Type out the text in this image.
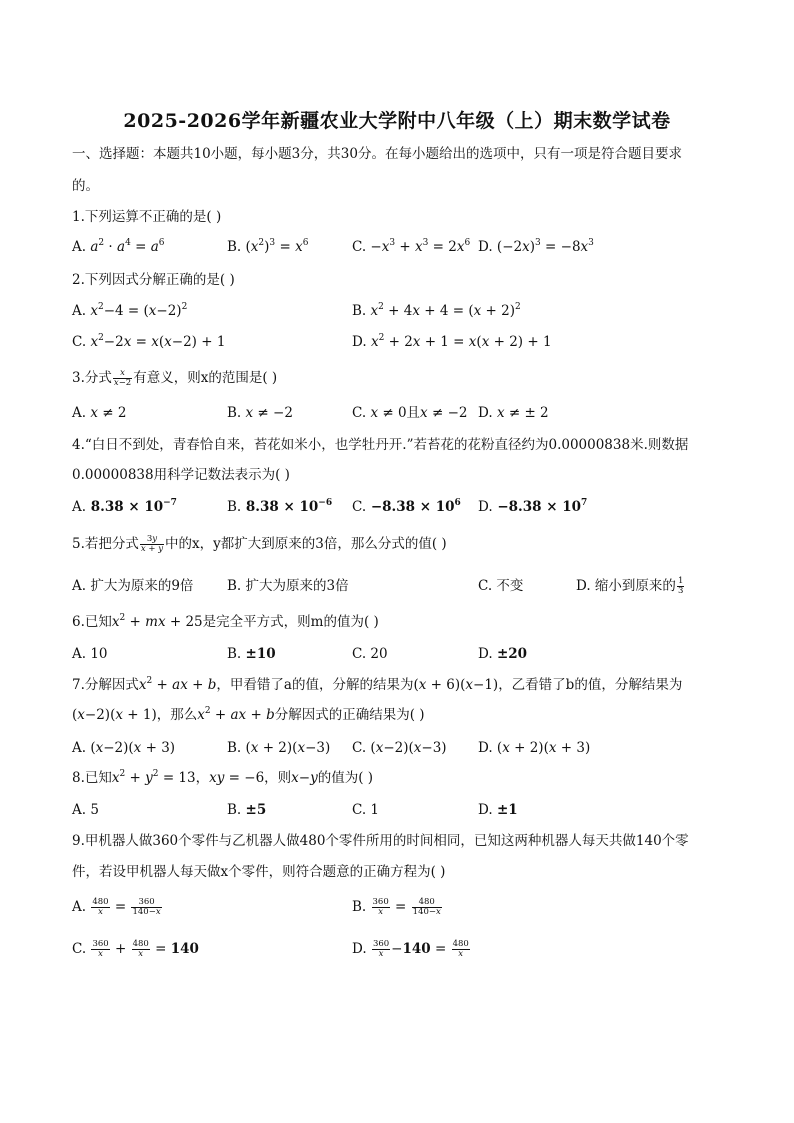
2025-2026学年新疆农业大学附中八年级（上）期末数学试卷
一、选择题：本题共10小题，每小题3分，共30分。在每小题给出的选项中，只有一项是符合题目要求
的。
1.下列运算不正确的是( )
A. $a^2 \cdot a^4 = a^6$	B. $(x^2)^3 = x^6$	C. $-x^3 + x^3 = 2x^6$ D. $(-2x)^3 = -8x^3$
2.下列因式分解正确的是( )
A. $x^2-4 = (x-2)^2$	B. $x^2 + 4x + 4 = (x + 2)^2$
C. $x^2-2x = x(x-2) + 1$	D. $x^2 + 2x + 1 = x(x + 2) + 1$
3.分式 $\frac{x}{x-2}$ 有意义，则x的范围是( )
A. x ≠ 2	B. x ≠ −2	C. x ≠ 0且x ≠ −2 D. x ≠ ± 2
4.“白日不到处，青春恰自来，苔花如米小，也学牡丹开.”若苔花的花粉直径约为0.00000838米.则数据
0.00000838用科学记数法表示为( )
A. $8.38 \times 10^{-7}$	B. $8.38 \times 10^{-6}$ C. $-8.38 \times 10^6$ D. $-8.38 \times 10^7$
5.若把分式 $\frac{3y}{x + y}$ 中的x，y都扩大到原来的3倍，那么分式的值( )
A. 扩大为原来的9倍 B. 扩大为原来的3倍	C. 不变	D. 缩小到原来的 $\frac{1}{3}$
6.已知$x^2$ + mx + 25是完全平方式，则m的值为( )
A. 10	B. ±10	C. 20	D. ±20
7.分解因式$x^2$ + ax + b，甲看错了a的值，分解的结果为(x + 6)(x−1)，乙看错了b的值，分解结果为
(x−2)(x + 1)，那么$x^2$ + ax + b分解因式的正确结果为( )
A. (x−2)(x + 3)	B. (x + 2)(x−3) C. (x−2)(x−3) D. (x + 2)(x + 3)
8.已知$x^2 + y^2 = 13$，xy = −6，则x−y的值为( )
A. 5	B. ±5	C. 1	D. ±1
9.甲机器人做360个零件与乙机器人做480个零件所用的时间相同，已知这两种机器人每天共做140个零
件，若设甲机器人每天做x个零件，则符合题意的正确方程为( )
A. $\frac{480}{x} = \frac{360}{140-x}$	B. $\frac{360}{x} = \frac{480}{140-x}$
C. $\frac{360}{x} + \frac{480}{x} = 140$	D. $\frac{360}{x} -140 = \frac{480}{x}$
